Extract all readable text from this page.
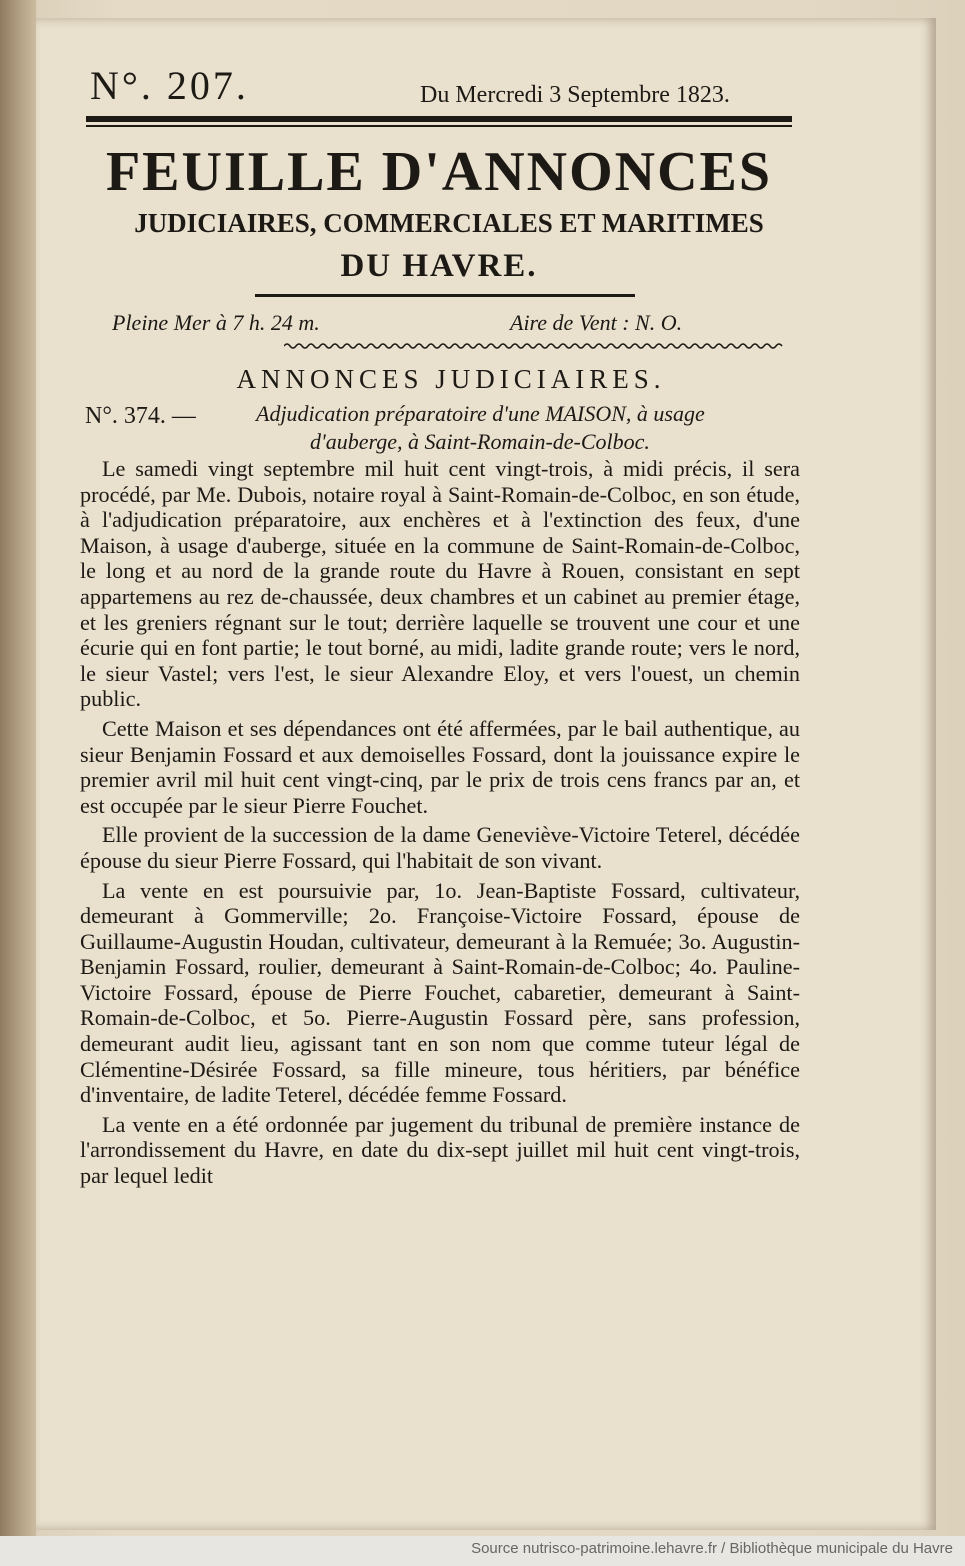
N°. 207.	Du Mercredi 3 Septembre 1823.
FEUILLE D'ANNONCES
JUDICIAIRES, COMMERCIALES ET MARITIMES
DU HAVRE.
Pleine Mer à 7 h. 24 m.	Aire de Vent : N. O.
ANNONCES JUDICIAIRES.
N°. 374. —	Adjudication préparatoire d'une MAISON, à usage
d'auberge, à Saint-Romain-de-Colboc.

Le samedi vingt septembre mil huit cent vingt-trois, à midi précis, il sera procédé, par Me. Dubois, notaire royal à Saint-Romain-de-Colboc, en son étude, à l'adjudication préparatoire, aux enchères et à l'extinction des feux, d'une Maison, à usage d'auberge, située en la commune de Saint-Romain-de-Colboc, le long et au nord de la grande route du Havre à Rouen, consistant en sept appartemens au rez de-chaussée, deux chambres et un cabinet au premier étage, et les greniers régnant sur le tout; derrière laquelle se trouvent une cour et une écurie qui en font partie; le tout borné, au midi, ladite grande route; vers le nord, le sieur Vastel; vers l'est, le sieur Alexandre Eloy, et vers l'ouest, un chemin public.

Cette Maison et ses dépendances ont été affermées, par le bail authentique, au sieur Benjamin Fossard et aux demoiselles Fossard, dont la jouissance expire le premier avril mil huit cent vingt-cinq, par le prix de trois cens francs par an, et est occupée par le sieur Pierre Fouchet.

Elle provient de la succession de la dame Geneviève-Victoire Teterel, décédée épouse du sieur Pierre Fossard, qui l'habitait de son vivant.

La vente en est poursuivie par, 1o. Jean-Baptiste Fossard, cultivateur, demeurant à Gommerville; 2o. Françoise-Victoire Fossard, épouse de Guillaume-Augustin Houdan, cultivateur, demeurant à la Remuée; 3o. Augustin-Benjamin Fossard, roulier, demeurant à Saint-Romain-de-Colboc; 4o. Pauline-Victoire Fossard, épouse de Pierre Fouchet, cabaretier, demeurant à Saint-Romain-de-Colboc, et 5o. Pierre-Augustin Fossard père, sans profession, demeurant audit lieu, agissant tant en son nom que comme tuteur légal de Clémentine-Désirée Fossard, sa fille mineure, tous héritiers, par bénéfice d'inventaire, de ladite Teterel, décédée femme Fossard.

La vente en a été ordonnée par jugement du tribunal de première instance de l'arrondissement du Havre, en date du dix-sept juillet mil huit cent vingt-trois, par lequel ledit

Source nutrisco-patrimoine.lehavre.fr / Bibliothèque municipale du Havre
